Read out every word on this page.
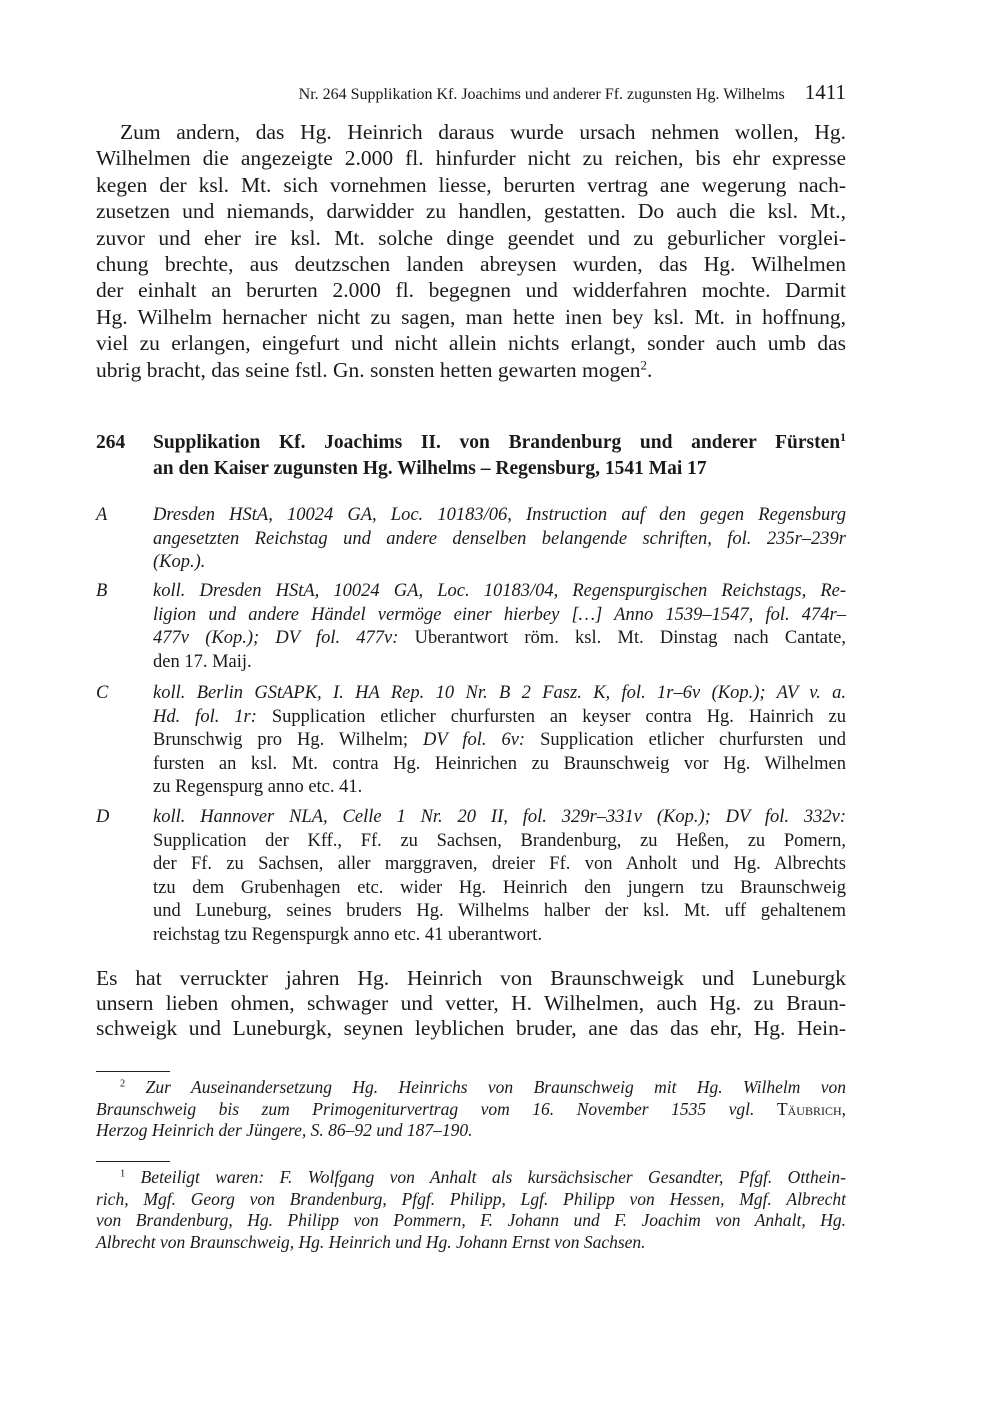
Nr. 264 Supplikation Kf. Joachims und anderer Ff. zugunsten Hg. Wilhelms 1411
Zum andern, das Hg. Heinrich daraus wurde ursach nehmen wollen, Hg.
Wilhelmen die angezeigte 2.000 fl. hinfurder nicht zu reichen, bis ehr expresse
kegen der ksl. Mt. sich vornehmen liesse, berurten vertrag ane wegerung nach-
zusetzen und niemands, darwidder zu handlen, gestatten. Do auch die ksl. Mt.,
zuvor und eher ire ksl. Mt. solche dinge geendet und zu geburlicher vorglei-
chung brechte, aus deutzschen landen abreysen wurden, das Hg. Wilhelmen
der einhalt an berurten 2.000 fl. begegnen und widderfahren mochte. Darmit
Hg. Wilhelm hernacher nicht zu sagen, man hette inen bey ksl. Mt. in hoffnung,
viel zu erlangen, eingefurt und nicht allein nichts erlangt, sonder auch umb das
ubrig bracht, das seine fstl. Gn. sonsten hetten gewarten mogen$^2$.
264 Supplikation Kf. Joachims II. von Brandenburg und anderer Fürsten$^1$
an den Kaiser zugunsten Hg. Wilhelms – Regensburg, 1541 Mai 17
A Dresden HStA, 10024 GA, Loc. 10183/06, Instruction auf den gegen Regensburg
angesetzten Reichstag und andere denselben belangende schriften, fol. 235r–239r
(Kop.).
B koll. Dresden HStA, 10024 GA, Loc. 10183/04, Regenspurgischen Reichstags, Re-
ligion und andere Händel vermöge einer hierbey […] Anno 1539–1547, fol. 474r–
477v (Kop.); DV fol. 477v: Uberantwort röm. ksl. Mt. Dinstag nach Cantate,
den 17. Maij.
C koll. Berlin GStAPK, I. HA Rep. 10 Nr. B 2 Fasz. K, fol. 1r–6v (Kop.); AV v. a.
Hd. fol. 1r: Supplication etlicher churfursten an keyser contra Hg. Hainrich zu
Brunschwig pro Hg. Wilhelm; DV fol. 6v: Supplication etlicher churfursten und
fursten an ksl. Mt. contra Hg. Heinrichen zu Braunschweig vor Hg. Wilhelmen
zu Regenspurg anno etc. 41.
D koll. Hannover NLA, Celle 1 Nr. 20 II, fol. 329r–331v (Kop.); DV fol. 332v:
Supplication der Kff., Ff. zu Sachsen, Brandenburg, zu Heßen, zu Pomern,
der Ff. zu Sachsen, aller marggraven, dreier Ff. von Anholt und Hg. Albrechts
tzu dem Grubenhagen etc. wider Hg. Heinrich den jungern tzu Braunschweig
und Luneburg, seines bruders Hg. Wilhelms halber der ksl. Mt. uff gehaltenem
reichstag tzu Regenspurgk anno etc. 41 uberantwort.
Es hat verruckter jahren Hg. Heinrich von Braunschweigk und Luneburgk
unsern lieben ohmen, schwager und vetter, H. Wilhelmen, auch Hg. zu Braun-
schweigk und Luneburgk, seynen leyblichen bruder, ane das das ehr, Hg. Hein-
$^2$ Zur Auseinandersetzung Hg. Heinrichs von Braunschweig mit Hg. Wilhelm von
Braunschweig bis zum Primogeniturvertrag vom 16. November 1535 vgl. Täubrich,
Herzog Heinrich der Jüngere, S. 86–92 und 187–190.
$^1$ Beteiligt waren: F. Wolfgang von Anhalt als kursächsischer Gesandter, Pfgf. Otthein-
rich, Mgf. Georg von Brandenburg, Pfgf. Philipp, Lgf. Philipp von Hessen, Mgf. Albrecht
von Brandenburg, Hg. Philipp von Pommern, F. Johann und F. Joachim von Anhalt, Hg.
Albrecht von Braunschweig, Hg. Heinrich und Hg. Johann Ernst von Sachsen.
